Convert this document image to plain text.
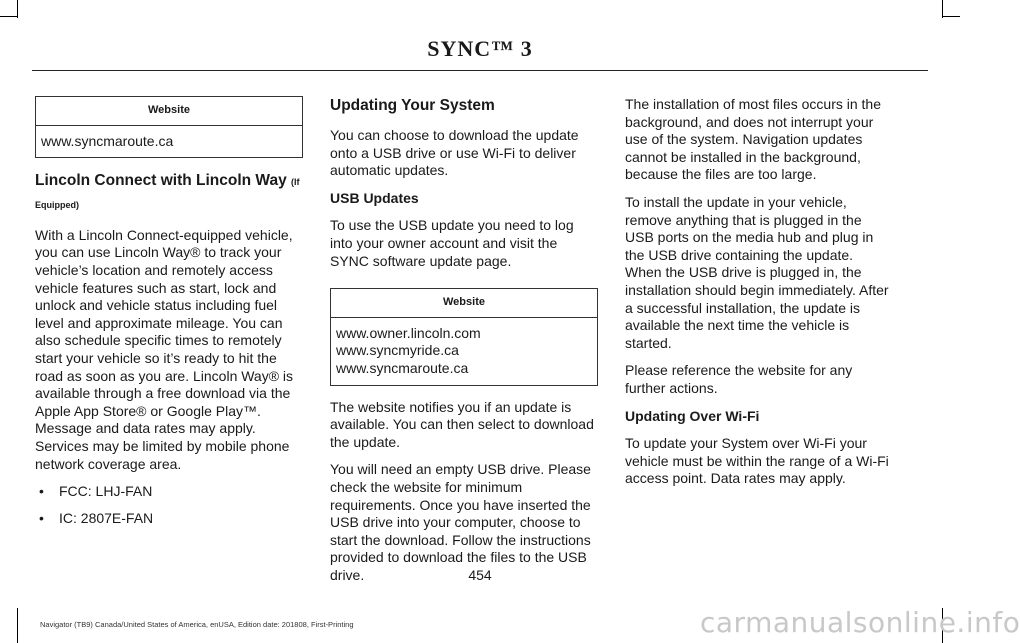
SYNC™ 3
Website

www.syncmaroute.ca
Lincoln Connect with Lincoln Way (If

Equipped)

With a Lincoln Connect-equipped vehicle, you can use Lincoln Way® to track your vehicle’s location and remotely access vehicle features such as start, lock and unlock and vehicle status including fuel level and approximate mileage. You can also schedule specific times to remotely start your vehicle so it’s ready to hit the road as soon as you are. Lincoln Way® is available through a free download via the Apple App Store® or Google Play™. Message and data rates may apply. Services may be limited by mobile phone network coverage area.

• FCC: LHJ-FAN
• IC: 2807E-FAN
Updating Your System

You can choose to download the update onto a USB drive or use Wi-Fi to deliver automatic updates.

USB Updates

To use the USB update you need to log into your owner account and visit the SYNC software update page.

Website

www.owner.lincoln.com
www.syncmyride.ca
www.syncmaroute.ca

The website notifies you if an update is available. You can then select to download the update.

You will need an empty USB drive. Please check the website for minimum requirements. Once you have inserted the USB drive into your computer, choose to start the download. Follow the instructions provided to download the files to the USB drive.

The installation of most files occurs in the background, and does not interrupt your use of the system. Navigation updates cannot be installed in the background, because the files are too large.

To install the update in your vehicle, remove anything that is plugged in the USB ports on the media hub and plug in the USB drive containing the update. When the USB drive is plugged in, the installation should begin immediately. After a successful installation, the update is available the next time the vehicle is started.

Please reference the website for any further actions.

Updating Over Wi-Fi

To update your System over Wi-Fi your vehicle must be within the range of a Wi-Fi access point. Data rates may apply.

454
Navigator (TB9) Canada/United States of America, enUSA, Edition date: 201808, First-Printing	carmanualsonline.info
